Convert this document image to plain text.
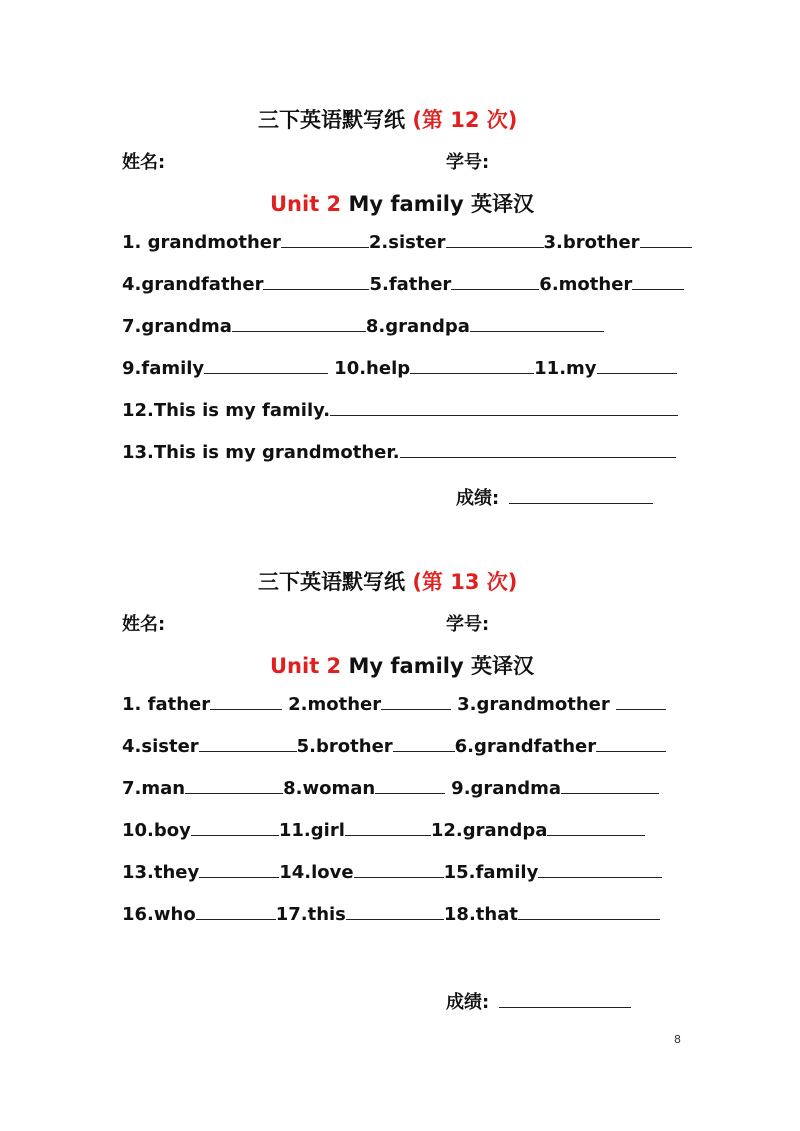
三下英语默写纸 (第 12 次)
姓名:	学号:
Unit 2 My family 英译汉
1. grandmother	2.sister	3.brother
4.grandfather	5.father	6.mother
7.grandma	8.grandpa
9.family	10.help	11.my
12.This is my family.
13.This is my grandmother.
成绩:
三下英语默写纸 (第 13 次)
姓名:	学号:
Unit 2 My family 英译汉
1. father	2.mother	3.grandmother
4.sister	5.brother	6.grandfather
7.man	8.woman	9.grandma
10.boy	11.girl	12.grandpa
13.they	14.love	15.family
16.who	17.this	18.that
成绩:
8
